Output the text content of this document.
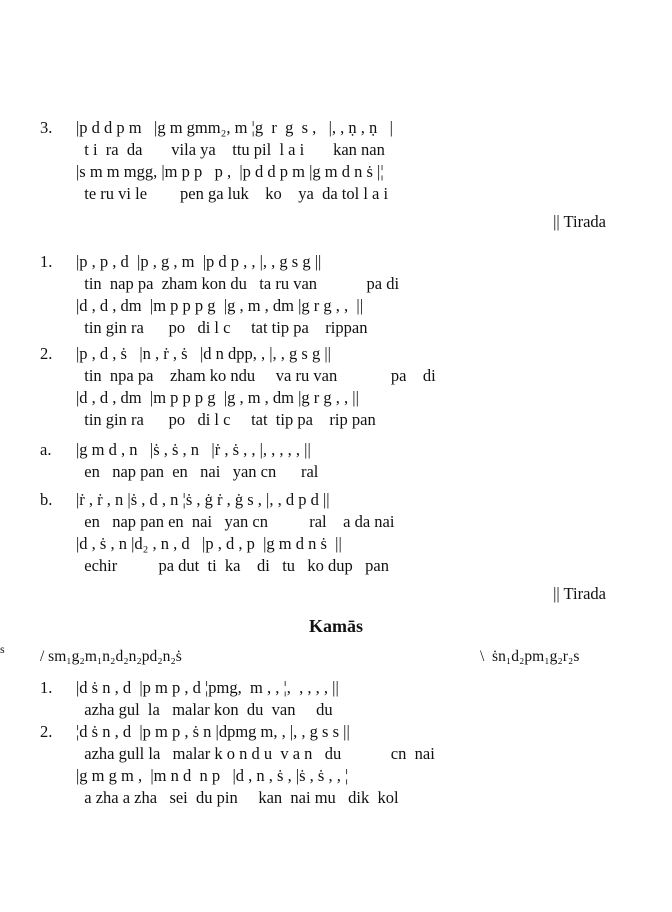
3. |p d d p m   |g m gmm₂, m ¦g  r  g  s ,   |, , ṇ , ṇ   |
t i  ra  da       vila ya    ttu pil  l a i       kan nan
|s m m mgg, |m p p   p ,  |p d d p m |g m d n ṡ |¦
te ru vi le        pen ga luk    ko    ya  da tol l a i
|| Tirada
1. |p , p , d  |p , g , m  |p d p , , |, , g s g ||
tin  nap pa  zham kon du   ta ru van            pa di
|d , d , dm  |m p p p g  |g , m , dm |g r g , ,  ||
tin gin ra      po   di l c     tat tip pa    rippan
2. |p , d , ṡ   |n , ṙ , ṡ   |d n dpp, , |, , g s g ||
tin  npa pa    zham ko ndu     va ru van             pa    di
|d , d , dm  |m p p p g  |g , m , dm |g r g , , ||
tin gin ra      po   di l c     tat  tip pa    rip pan
a. |g m d , n   |ṡ , ṡ , n   |ṙ , ṡ , , |, , , , , ||
en   nap pan  en   nai   yan cn      ral
b. |ṙ , ṙ , n |ṡ , d , n ¦ṡ , ġ ṙ , ġ s , |, , d p d ||
en   nap pan en  nai   yan cn          ral    a da nai
|d , ṡ , n |d₂ , n , d   |p , d , p  |g m d n ṡ  ||
echir          pa dut  ti  ka    di   tu   ko dup   pan
|| Tirada
Kamās
s / sm₁g₂m₁n₂d₂n₂pd₂n₂ṡ	\  ṡn₁d₂pm₁g₂r₂s
1. |d ṡ n , d  |p m p , d ¦pmg,  m , , ¦,  , , , , ||
azha gul  la   malar kon  du  van     du
2. ¦d ṡ n , d  |p m p , ṡ n |dpmg m, , |, , g s s ||
azha gull la   malar k o n d u  v a n   du            cn  nai
|g m g m ,  |m n d  n p   |d , n , ṡ , |ṡ , ṡ , , ¦
a zha a zha   sei  du pin     kan  nai mu   dik  kol
